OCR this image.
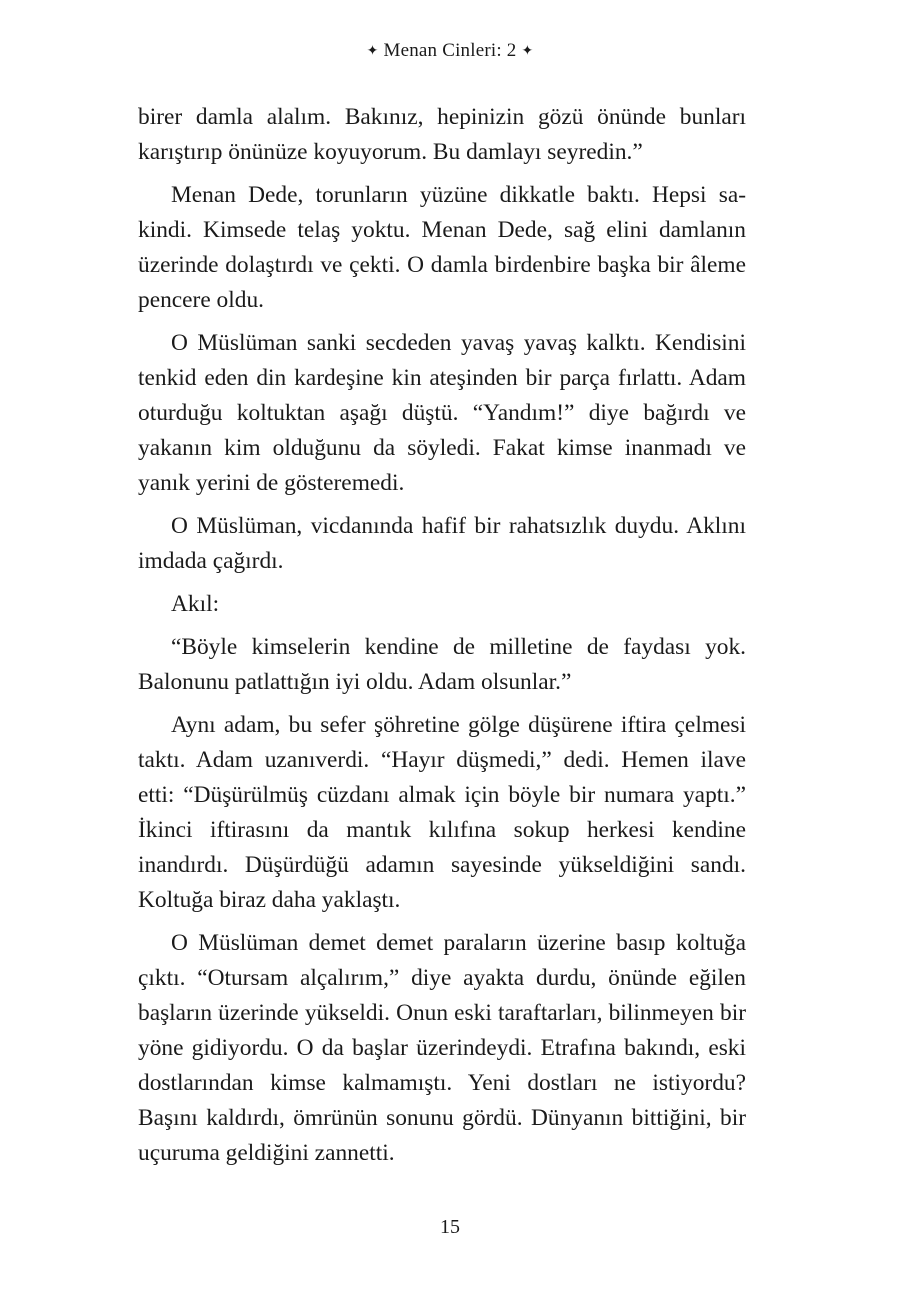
✦ Menan Cinleri: 2 ✦

birer damla alalım. Bakınız, hepinizin gözü önünde bunları karıştırıp önünüze koyuyorum. Bu damlayı seyredin.”

Menan Dede, torunların yüzüne dikkatle baktı. Hepsi sakindi. Kimsede telaş yoktu. Menan Dede, sağ elini damlanın üzerinde dolaştırdı ve çekti. O damla birdenbire başka bir âleme pencere oldu.

O Müslüman sanki secdeden yavaş yavaş kalktı. Kendisini tenkid eden din kardeşine kin ateşinden bir parça fırlattı. Adam oturduğu koltuktan aşağı düştü. “Yandım!” diye bağırdı ve yakanın kim olduğunu da söyledi. Fakat kimse inanmadı ve yanık yerini de gösteremedi.

O Müslüman, vicdanında hafif bir rahatsızlık duydu. Aklını imdada çağırdı.

Akıl:

“Böyle kimselerin kendine de milletine de faydası yok. Balonunu patlattığın iyi oldu. Adam olsunlar.”

Aynı adam, bu sefer şöhretine gölge düşürene iftira çelmesi taktı. Adam uzanıverdi. “Hayır düşmedi,” dedi. Hemen ilave etti: “Düşürülmüş cüzdanı almak için böyle bir numara yaptı.” İkinci iftirasını da mantık kılıfına sokup herkesi kendine inandırdı. Düşürdüğü adamın sayesinde yükseldiğini sandı. Koltuğa biraz daha yaklaştı.

O Müslüman demet demet paraların üzerine basıp koltuğa çıktı. “Otursam alçalırım,” diye ayakta durdu, önünde eğilen başların üzerinde yükseldi. Onun eski taraftarları, bilinmeyen bir yöne gidiyordu. O da başlar üzerindeydi. Etrafına bakındı, eski dostlarından kimse kalmamıştı. Yeni dostları ne istiyordu? Başını kaldırdı, ömrünün sonunu gördü. Dünyanın bittiğini, bir uçuruma geldiğini zannetti.

15
